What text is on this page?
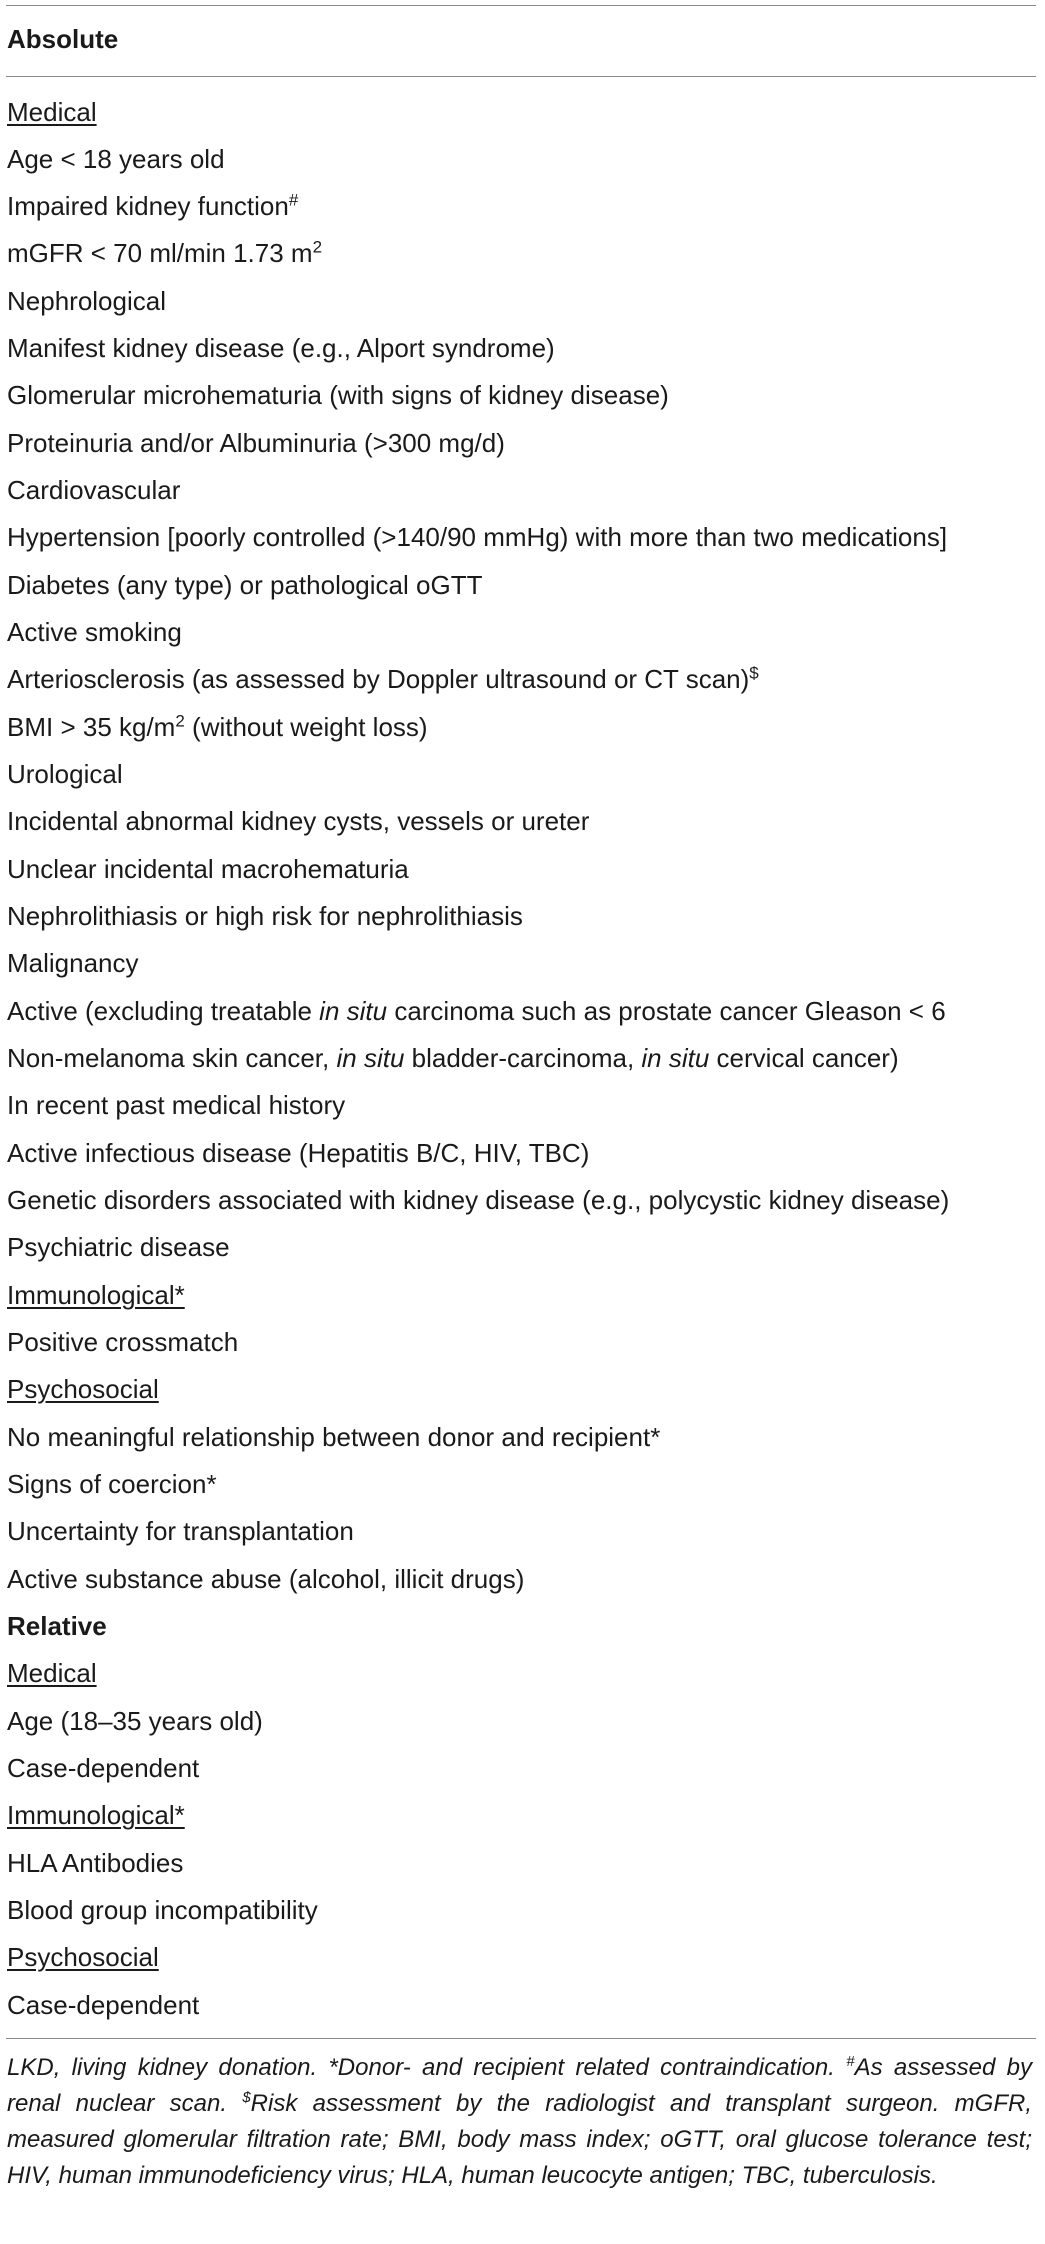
Absolute
Medical
Age < 18 years old
Impaired kidney function#
mGFR < 70 ml/min 1.73 $m^2$
Nephrological
Manifest kidney disease (e.g., Alport syndrome)
Glomerular microhematuria (with signs of kidney disease)
Proteinuria and/or Albuminuria (>300 mg/d)
Cardiovascular
Hypertension [poorly controlled (>140/90 mmHg) with more than two medications]
Diabetes (any type) or pathological oGTT
Active smoking
Arteriosclerosis (as assessed by Doppler ultrasound or CT scan)$
BMI > 35 $kg/m^2$ (without weight loss)
Urological
Incidental abnormal kidney cysts, vessels or ureter
Unclear incidental macrohematuria
Nephrolithiasis or high risk for nephrolithiasis
Malignancy
Active (excluding treatable in situ carcinoma such as prostate cancer Gleason < 6
Non-melanoma skin cancer, in situ bladder-carcinoma, in situ cervical cancer)
In recent past medical history
Active infectious disease (Hepatitis B/C, HIV, TBC)
Genetic disorders associated with kidney disease (e.g., polycystic kidney disease)
Psychiatric disease
Immunological*
Positive crossmatch
Psychosocial
No meaningful relationship between donor and recipient*
Signs of coercion*
Uncertainty for transplantation
Active substance abuse (alcohol, illicit drugs)
Relative
Medical
Age (18–35 years old)
Case-dependent
Immunological*
HLA Antibodies
Blood group incompatibility
Psychosocial
Case-dependent
LKD, living kidney donation. *Donor- and recipient related contraindication. #As assessed by renal nuclear scan. $Risk assessment by the radiologist and transplant surgeon. mGFR, measured glomerular filtration rate; BMI, body mass index; oGTT, oral glucose tolerance test; HIV, human immunodeficiency virus; HLA, human leucocyte antigen; TBC, tuberculosis.
